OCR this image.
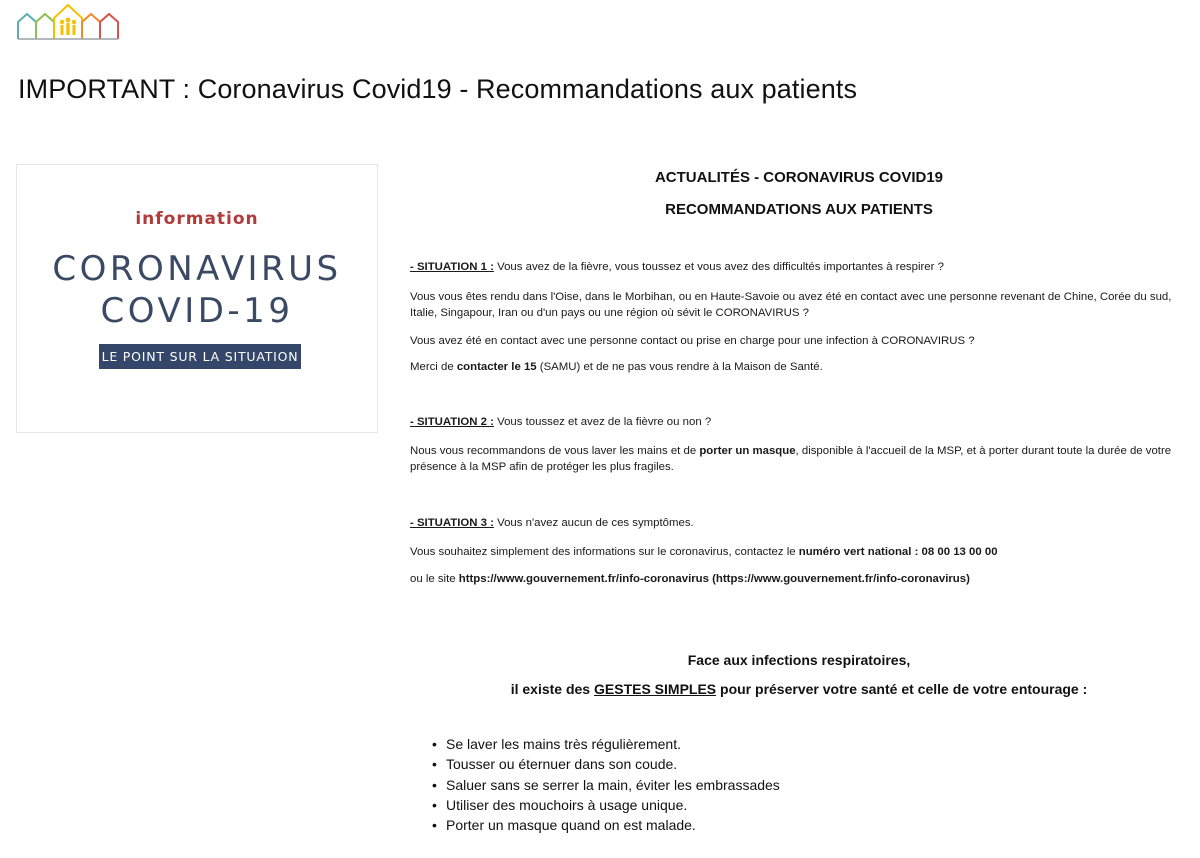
IMPORTANT : Coronavirus Covid19 - Recommandations aux patients
information
CORONAVIRUS
COVID-19
LE POINT SUR LA SITUATION
ACTUALITÉS - CORONAVIRUS COVID19
RECOMMANDATIONS AUX PATIENTS

- SITUATION 1 : Vous avez de la fièvre, vous toussez et vous avez des difficultés importantes à respirer ?

Vous vous êtes rendu dans l'Oise, dans le Morbihan, ou en Haute-Savoie ou avez été en contact avec une personne revenant de Chine, Corée du sud, Italie, Singapour, Iran ou d'un pays ou une région où sévit le CORONAVIRUS ?

Vous avez été en contact avec une personne contact ou prise en charge pour une infection à CORONAVIRUS ?

Merci de contacter le 15 (SAMU) et de ne pas vous rendre à la Maison de Santé.

- SITUATION 2 : Vous toussez et avez de la fièvre ou non ?

Nous vous recommandons de vous laver les mains et de porter un masque, disponible à l'accueil de la MSP, et à porter durant toute la durée de votre présence à la MSP afin de protéger les plus fragiles.

- SITUATION 3 : Vous n'avez aucun de ces symptômes.

Vous souhaitez simplement des informations sur le coronavirus, contactez le numéro vert national : 08 00 13 00 00

ou le site https://www.gouvernement.fr/info-coronavirus (https://www.gouvernement.fr/info-coronavirus)

Face aux infections respiratoires,

il existe des GESTES SIMPLES pour préserver votre santé et celle de votre entourage :

• Se laver les mains très régulièrement.
• Tousser ou éternuer dans son coude.
• Saluer sans se serrer la main, éviter les embrassades
• Utiliser des mouchoirs à usage unique.
• Porter un masque quand on est malade.
